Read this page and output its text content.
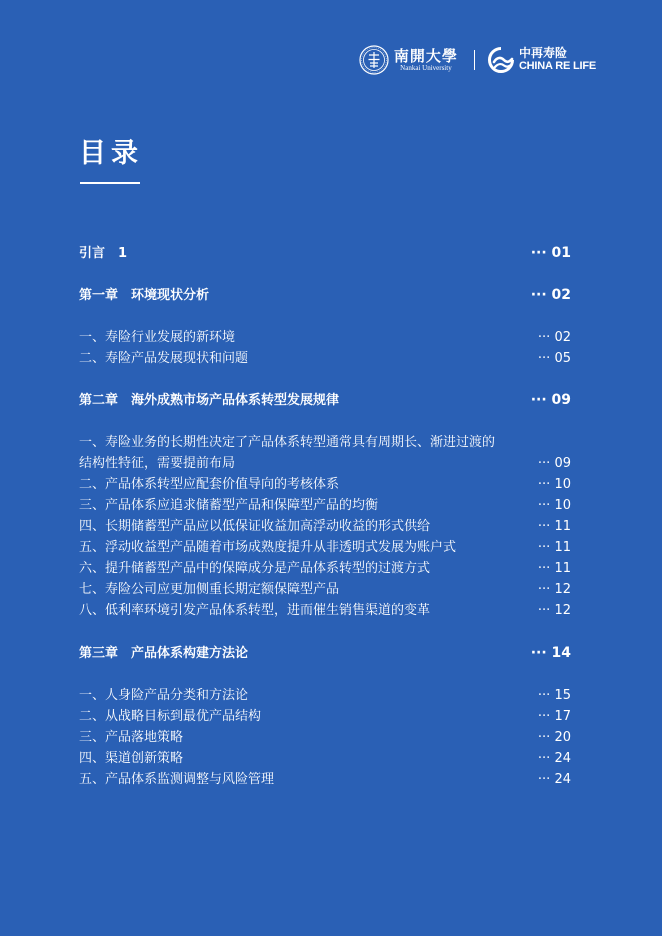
南開大學
Nankai University
中再寿险
CHINA RE LIFE
目录
引言　1	··· 01
第一章　环境现状分析	··· 02
一、寿险行业发展的新环境	··· 02
二、寿险产品发展现状和问题	··· 05
第二章　海外成熟市场产品体系转型发展规律	··· 09
一、寿险业务的长期性决定了产品体系转型通常具有周期长、渐进过渡的
结构性特征，需要提前布局	··· 09
二、产品体系转型应配套价值导向的考核体系	··· 10
三、产品体系应追求储蓄型产品和保障型产品的均衡	··· 10
四、长期储蓄型产品应以低保证收益加高浮动收益的形式供给	··· 11
五、浮动收益型产品随着市场成熟度提升从非透明式发展为账户式	··· 11
六、提升储蓄型产品中的保障成分是产品体系转型的过渡方式	··· 11
七、寿险公司应更加侧重长期定额保障型产品	··· 12
八、低利率环境引发产品体系转型，进而催生销售渠道的变革	··· 12
第三章　产品体系构建方法论	··· 14
一、人身险产品分类和方法论	··· 15
二、从战略目标到最优产品结构	··· 17
三、产品落地策略	··· 20
四、渠道创新策略	··· 24
五、产品体系监测调整与风险管理	··· 24
